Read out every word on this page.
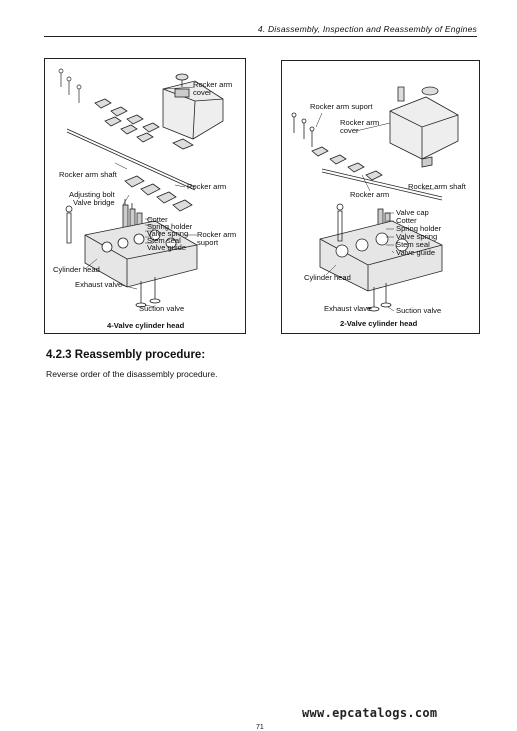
4. Disassembly, Inspection and Reassembly of Engines
Rocker arm
cover
Rocker arm shaft
Adjusting bolt
Valve bridge
Rocker arm
Cotter
Spring holder
Valve spring
Stem seal
Valve guide
Rocker arm
suport
Cylinder head
Exhaust valve
Suction valve
4-Valve cylinder head
Rocker arm suport
Rocker arm
cover
Rocker arm
Rocker arm shaft
Valve cap
Cotter
Spring holder
Valve spring
Stem seal
Valve guide
Cylinder head
Exhaust vlave	Suction valve
2-Valve cylinder head
4.2.3 Reassembly procedure:
Reverse order of the disassembly procedure.
www.epcatalogs.com
71
